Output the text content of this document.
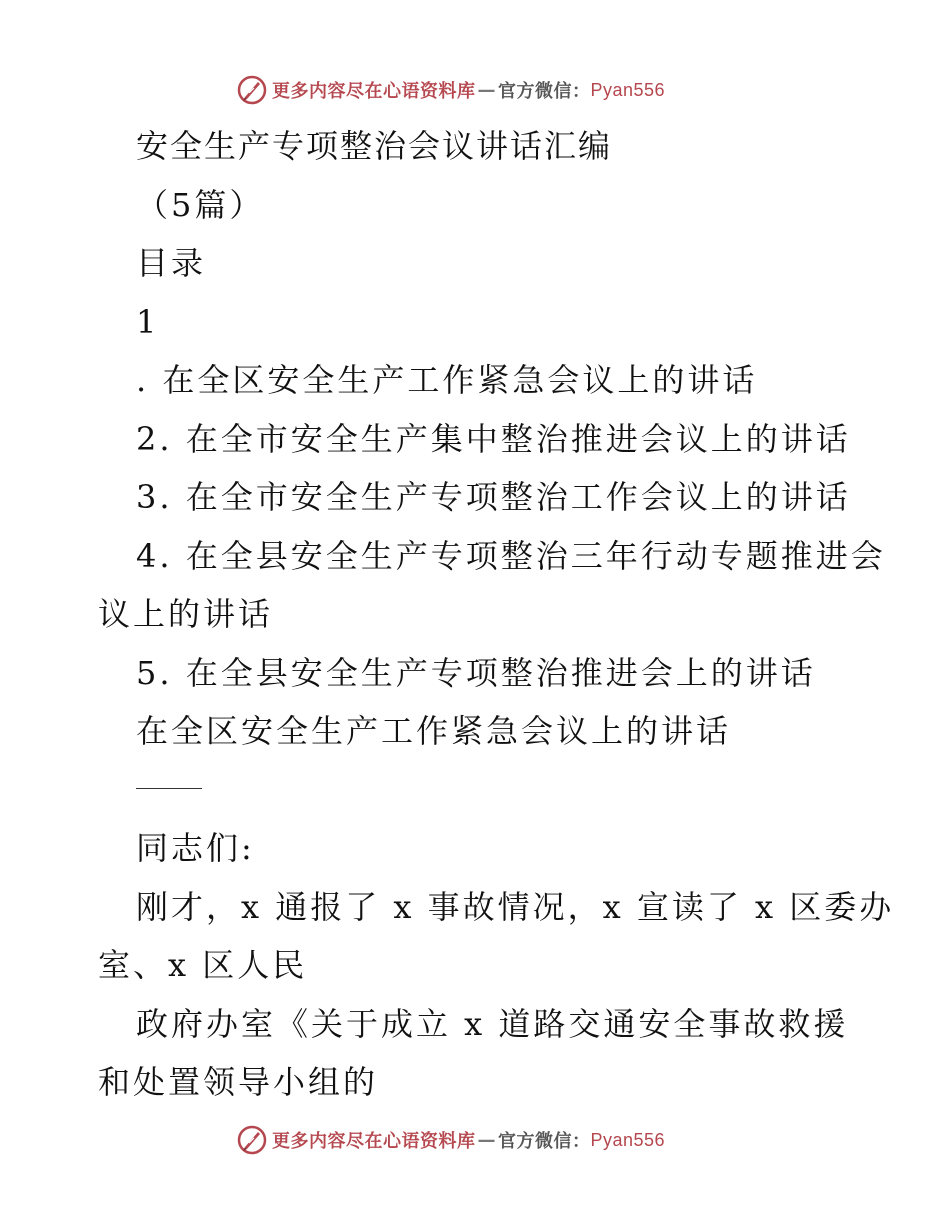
更多内容尽在心语资料库 — 官方微信： Pyan556
安全生产专项整治会议讲话汇编
（5篇）
目录
1
. 在全区安全生产工作紧急会议上的讲话
2. 在全市安全生产集中整治推进会议上的讲话
3. 在全市安全生产专项整治工作会议上的讲话
4. 在全县安全生产专项整治三年行动专题推进会
议上的讲话
5. 在全县安全生产专项整治推进会上的讲话
在全区安全生产工作紧急会议上的讲话
同志们:
刚才，x 通报了 x 事故情况，x 宣读了 x 区委办
室、x 区人民
政府办室《关于成立 x 道路交通安全事故救援
和处置领导小组的
更多内容尽在心语资料库 — 官方微信： Pyan556
